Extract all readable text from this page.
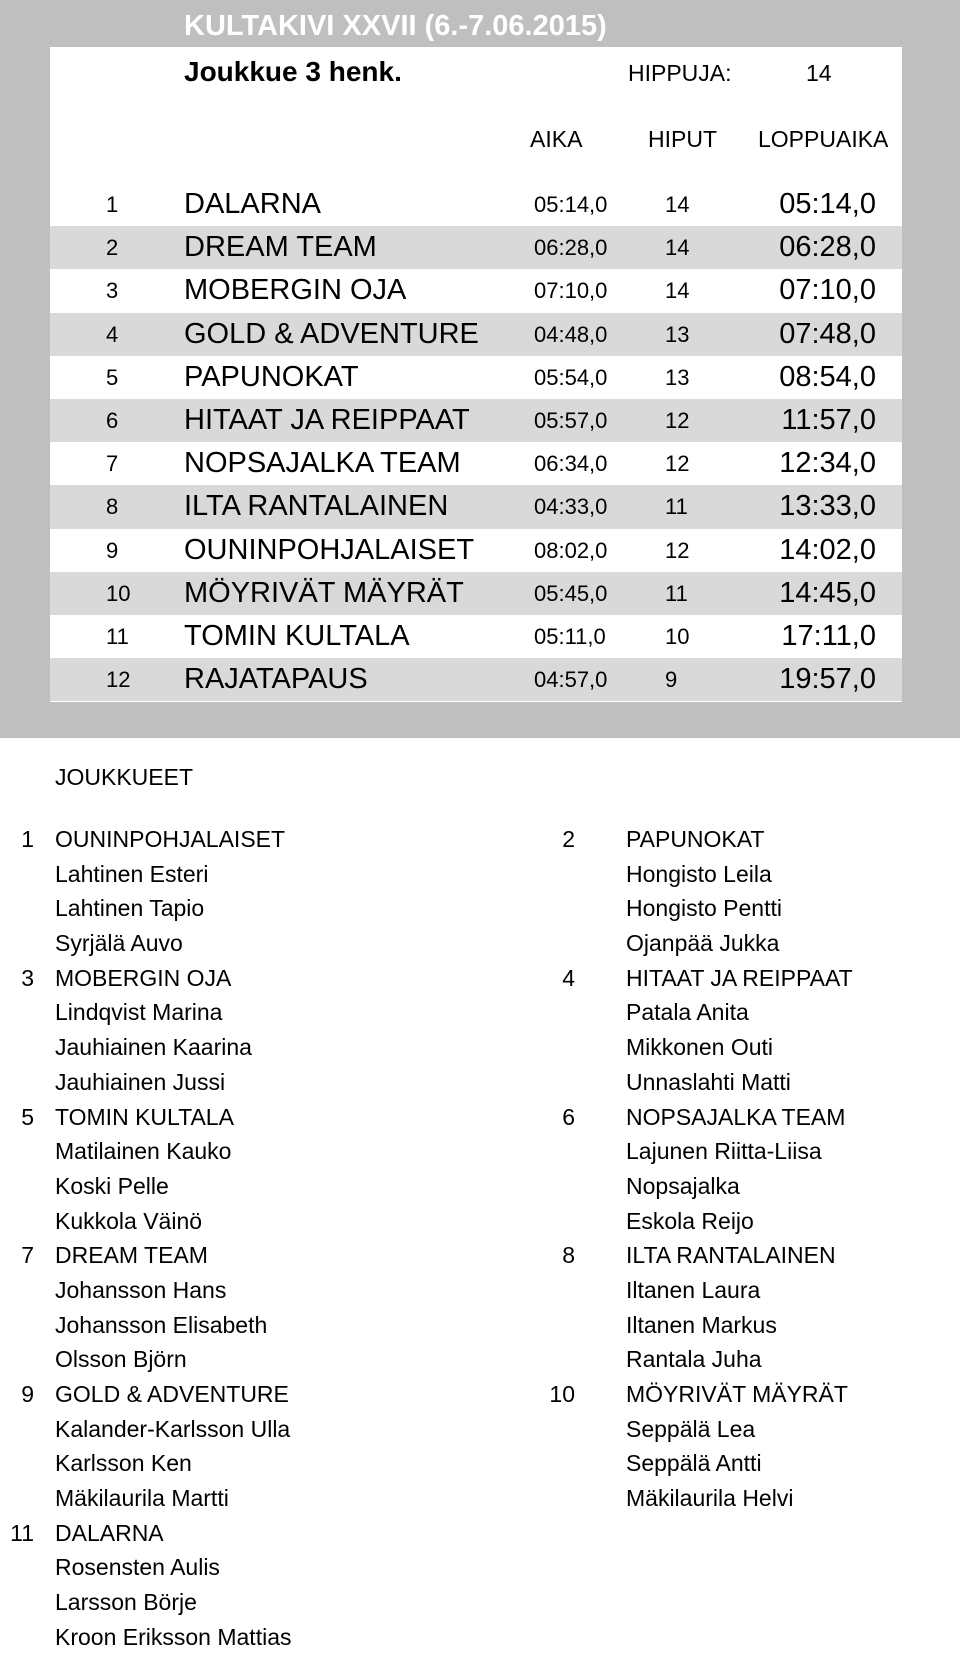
KULTAKIVI XXVII (6.-7.06.2015)
Joukkue 3 henk.	HIPPUJA:	14
AIKA	HIPUT LOPPUAIKA
1 DALARNA	05:14,0	14	05:14,0
2 DREAM TEAM	06:28,0	14	06:28,0
3 MOBERGIN OJA	07:10,0	14	07:10,0
4 GOLD & ADVENTURE	04:48,0	13	07:48,0
5 PAPUNOKAT	05:54,0	13	08:54,0
6 HITAAT JA REIPPAAT	05:57,0	12	11:57,0
7 NOPSAJALKA TEAM	06:34,0	12	12:34,0
8 ILTA RANTALAINEN	04:33,0	11	13:33,0
9 OUNINPOHJALAISET	08:02,0	12	14:02,0
10 MÖYRIVÄT MÄYRÄT	05:45,0	11	14:45,0
11 TOMIN KULTALA	05:11,0	10	17:11,0
12 RAJATAPAUS	04:57,0	9	19:57,0
JOUKKUEET
1 OUNINPOHJALAISET
Lahtinen Esteri
Lahtinen Tapio
Syrjälä Auvo
3 MOBERGIN OJA
Lindqvist Marina
Jauhiainen Kaarina
Jauhiainen Jussi
5 TOMIN KULTALA
Matilainen Kauko
Koski Pelle
Kukkola Väinö
7 DREAM TEAM
Johansson Hans
Johansson Elisabeth
Olsson Björn
9 GOLD & ADVENTURE
Kalander-Karlsson Ulla
Karlsson Ken
Mäkilaurila Martti
11 DALARNA
Rosensten Aulis
Larsson Börje
Kroon Eriksson Mattias
2	PAPUNOKAT
Hongisto Leila
Hongisto Pentti
Ojanpää Jukka
4	HITAAT JA REIPPAAT
Patala Anita
Mikkonen Outi
Unnaslahti Matti
6	NOPSAJALKA TEAM
Lajunen Riitta-Liisa
Nopsajalka
Eskola Reijo
8	ILTA RANTALAINEN
Iltanen Laura
Iltanen Markus
Rantala Juha
10	MÖYRIVÄT MÄYRÄT
Seppälä Lea
Seppälä Antti
Mäkilaurila Helvi
